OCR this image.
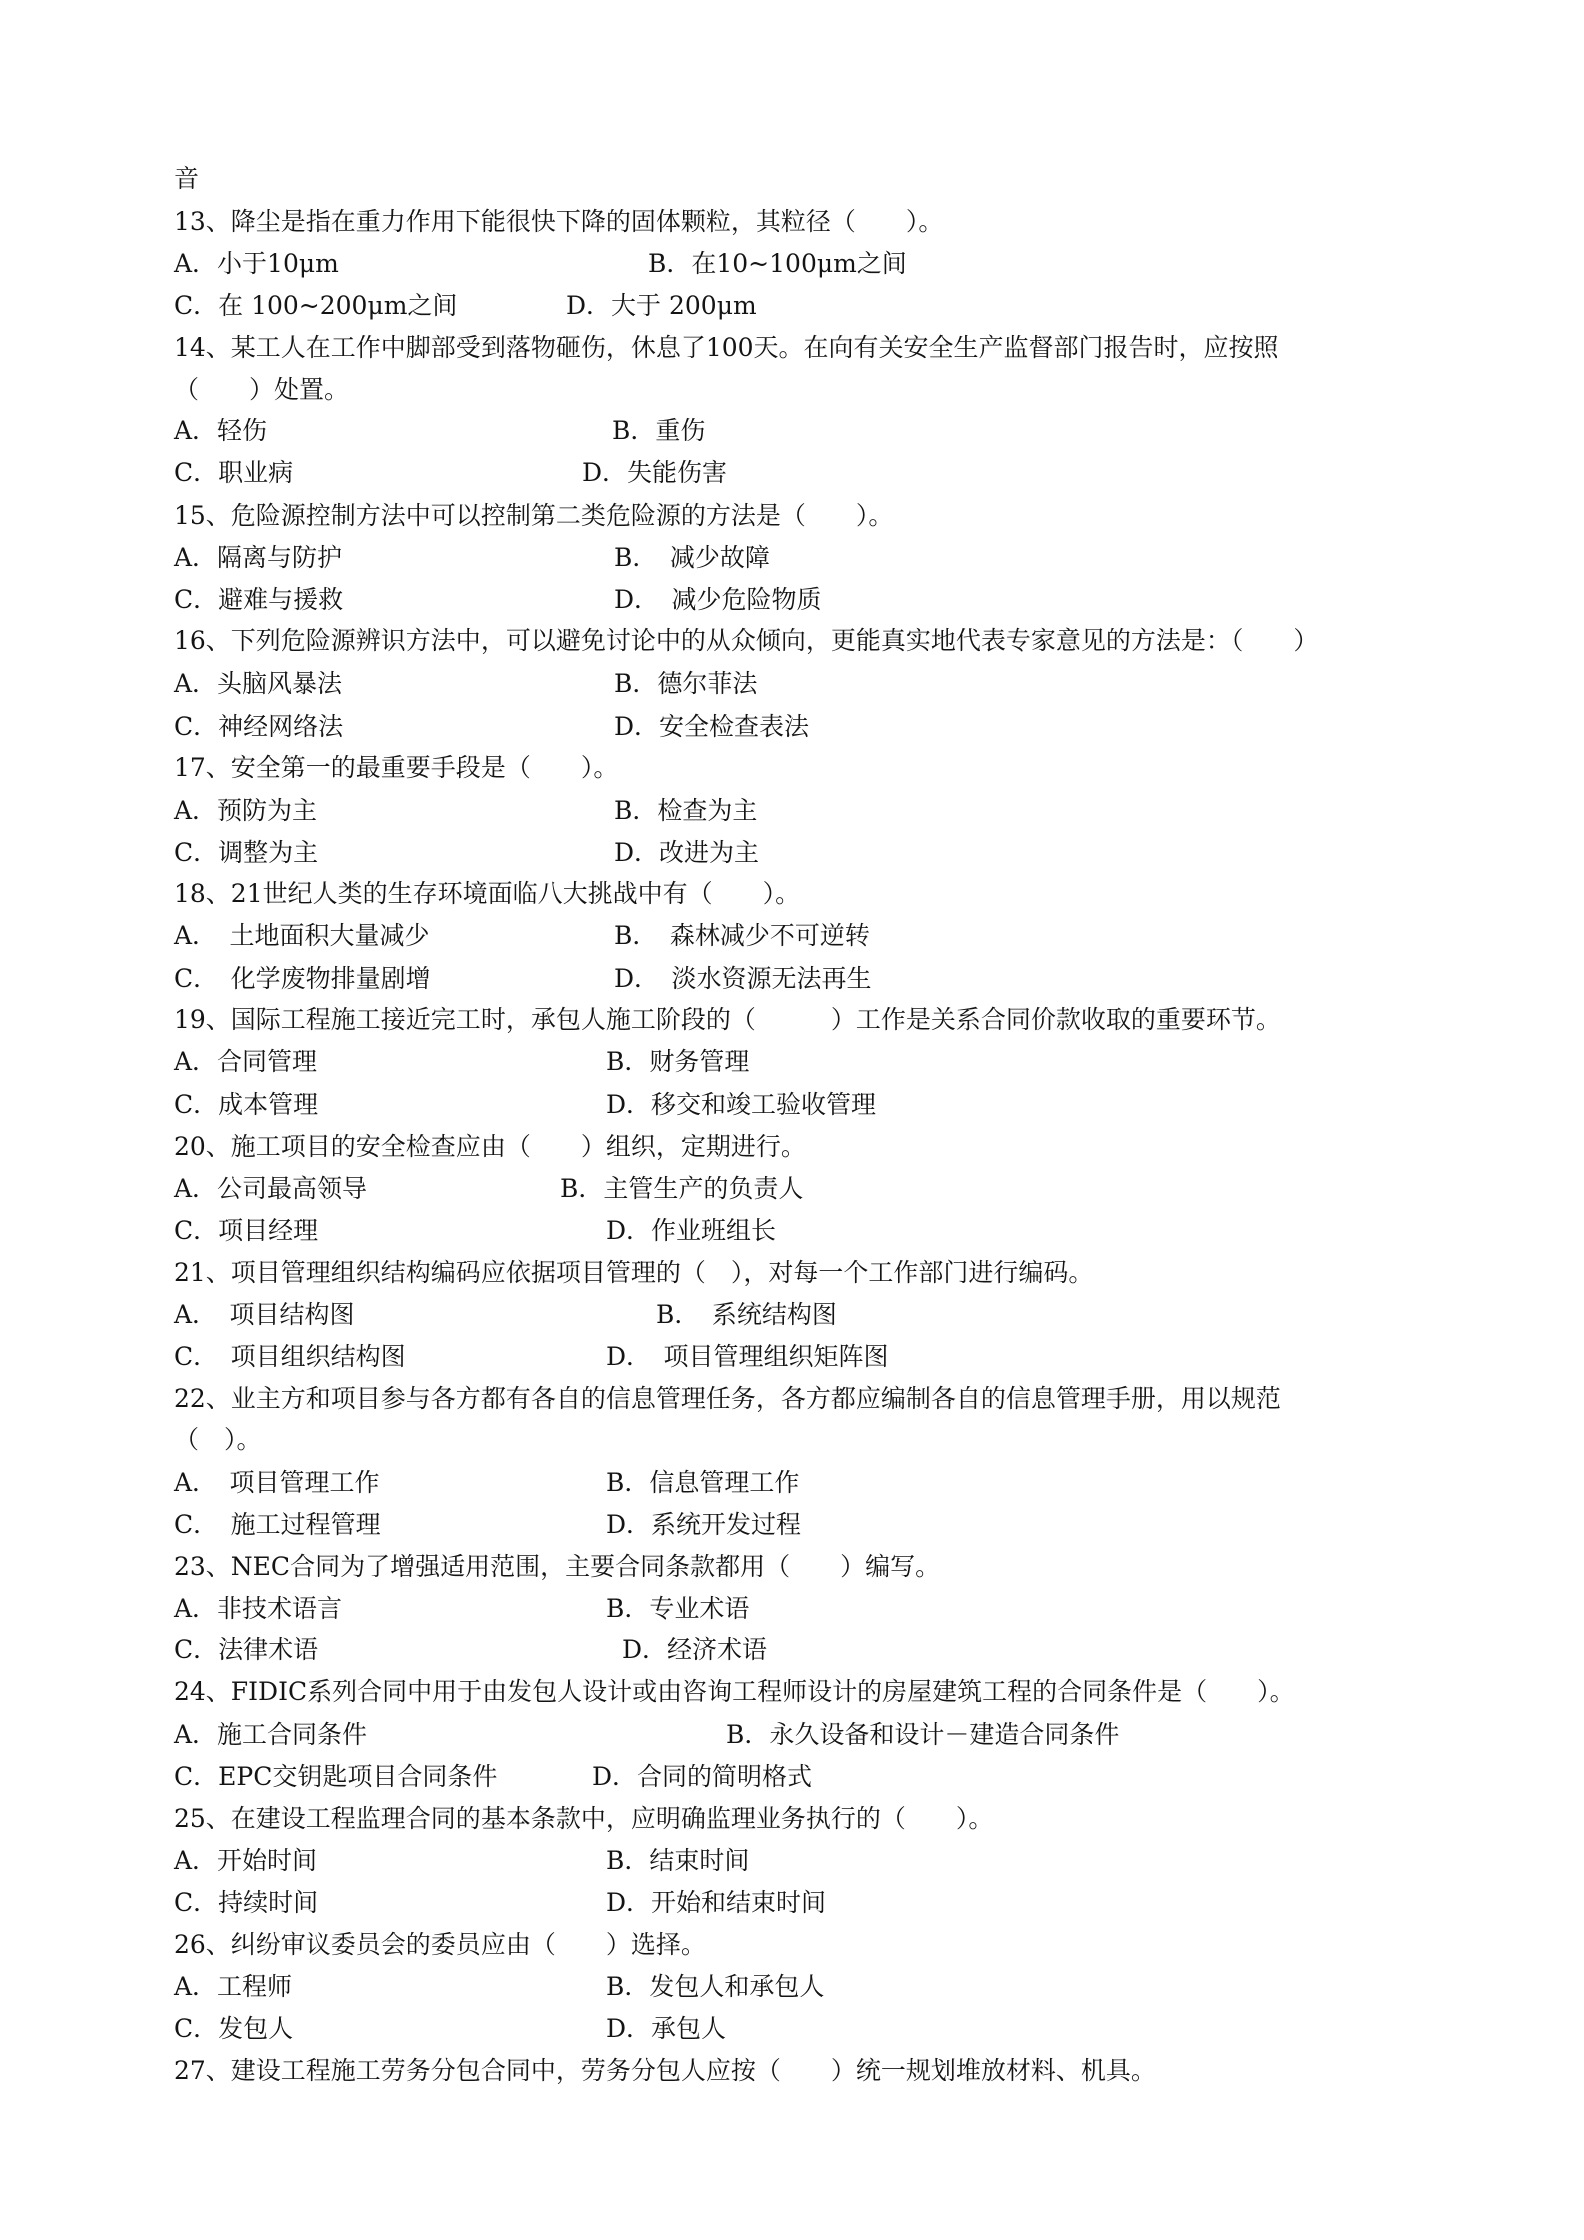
音

13、降尘是指在重力作用下能很快下降的固体颗粒，其粒径（　　）。

A．小于10μm	B．在10~100μm之间

C．在 100~200μm之间	D．大于 200μm

14、某工人在工作中脚部受到落物砸伤，休息了100天。在向有关安全生产监督部门报告时，应按照

（　　）处置。

A．轻伤	B．重伤

C．职业病	D．失能伤害

15、危险源控制方法中可以控制第二类危险源的方法是（　　）。

A．隔离与防护	B．　减少故障

C．避难与援救	D．　减少危险物质

16、下列危险源辨识方法中，可以避免讨论中的从众倾向，更能真实地代表专家意见的方法是：（　　）

A．头脑风暴法	B．德尔菲法

C．神经网络法	D．安全检查表法

17、安全第一的最重要手段是（　　）。

A．预防为主	B．检查为主

C．调整为主	D．改进为主

18、21世纪人类的生存环境面临八大挑战中有（　　）。

A．　土地面积大量减少	B．　森林减少不可逆转

C．　化学废物排量剧增	D．　淡水资源无法再生

19、国际工程施工接近完工时，承包人施工阶段的（　　　）工作是关系合同价款收取的重要环节。

A．合同管理	B．财务管理

C．成本管理	D．移交和竣工验收管理

20、施工项目的安全检查应由（　　）组织，定期进行。

A．公司最高领导	B．主管生产的负责人

C．项目经理	D．作业班组长

21、项目管理组织结构编码应依据项目管理的（　），对每一个工作部门进行编码。

A．　项目结构图	B．　系统结构图

C．　项目组织结构图	D．　项目管理组织矩阵图

22、业主方和项目参与各方都有各自的信息管理任务，各方都应编制各自的信息管理手册，用以规范

（　）。

A．　项目管理工作	B．信息管理工作

C．　施工过程管理	D．系统开发过程

23、NEC合同为了增强适用范围，主要合同条款都用（　　）编写。

A．非技术语言	B．专业术语

C．法律术语	D．经济术语

24、FIDIC系列合同中用于由发包人设计或由咨询工程师设计的房屋建筑工程的合同条件是（　　）。

A．施工合同条件	B．永久设备和设计－建造合同条件

C．EPC交钥匙项目合同条件	D．合同的简明格式

25、在建设工程监理合同的基本条款中，应明确监理业务执行的（　　）。

A．开始时间	B．结束时间

C．持续时间	D．开始和结束时间

26、纠纷审议委员会的委员应由（　　）选择。

A．工程师	B．发包人和承包人

C．发包人	D．承包人

27、建设工程施工劳务分包合同中，劳务分包人应按（　　）统一规划堆放材料、机具。
